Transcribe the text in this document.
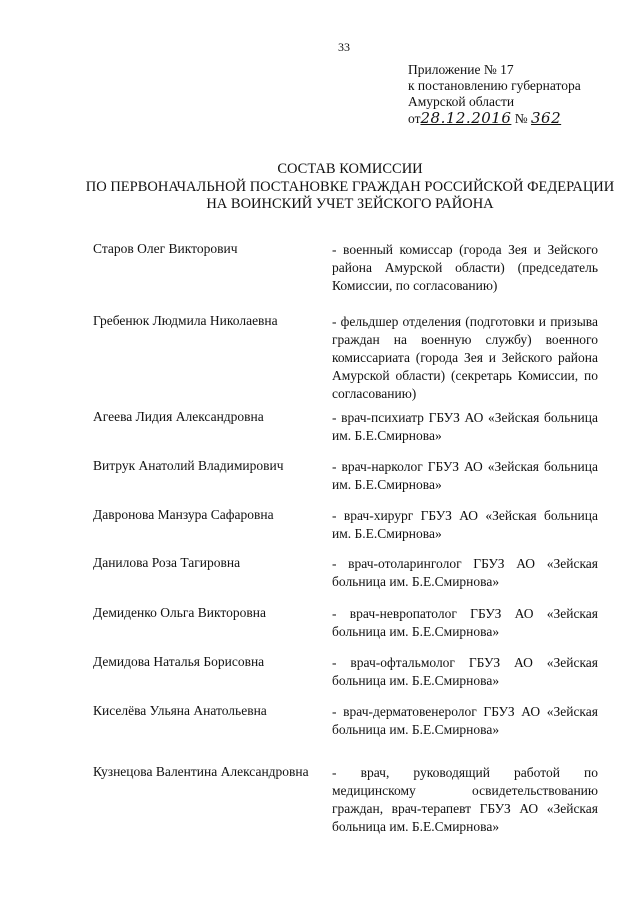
33
Приложение № 17
к постановлению губернатора
Амурской области
от28.12.2016 № 362
СОСТАВ КОМИССИИ
ПО ПЕРВОНАЧАЛЬНОЙ ПОСТАНОВКЕ ГРАЖДАН РОССИЙСКОЙ ФЕДЕРАЦИИ
НА ВОИНСКИЙ УЧЕТ ЗЕЙСКОГО РАЙОНА
Старов Олег Викторович	- военный комиссар (города Зея и Зейского района Амурской области) (председатель Комиссии, по согласованию)
Гребенюк Людмила Николаевна	- фельдшер отделения (подготовки и призыва граждан на военную службу) военного комиссариата (города Зея и Зейского района Амурской области) (секретарь Комиссии, по согласованию)
Агеева Лидия Александровна	- врач-психиатр ГБУЗ АО «Зейская больница им. Б.Е.Смирнова»
Витрук Анатолий Владимирович	- врач-нарколог ГБУЗ АО «Зейская больница им. Б.Е.Смирнова»
Давронова Манзура Сафаровна	- врач-хирург ГБУЗ АО «Зейская больница им. Б.Е.Смирнова»
Данилова Роза Тагировна	- врач-отоларинголог ГБУЗ АО «Зейская больница им. Б.Е.Смирнова»
Демиденко Ольга Викторовна	- врач-невропатолог ГБУЗ АО «Зейская больница им. Б.Е.Смирнова»
Демидова Наталья Борисовна	- врач-офтальмолог ГБУЗ АО «Зейская больница им. Б.Е.Смирнова»
Киселёва Ульяна Анатольевна	- врач-дерматовенеролог ГБУЗ АО «Зейская больница им. Б.Е.Смирнова»
Кузнецова Валентина Александровна - врач, руководящий работой по медицинскому освидетельствованию граждан, врач-терапевт ГБУЗ АО «Зейская больница им. Б.Е.Смирнова»
